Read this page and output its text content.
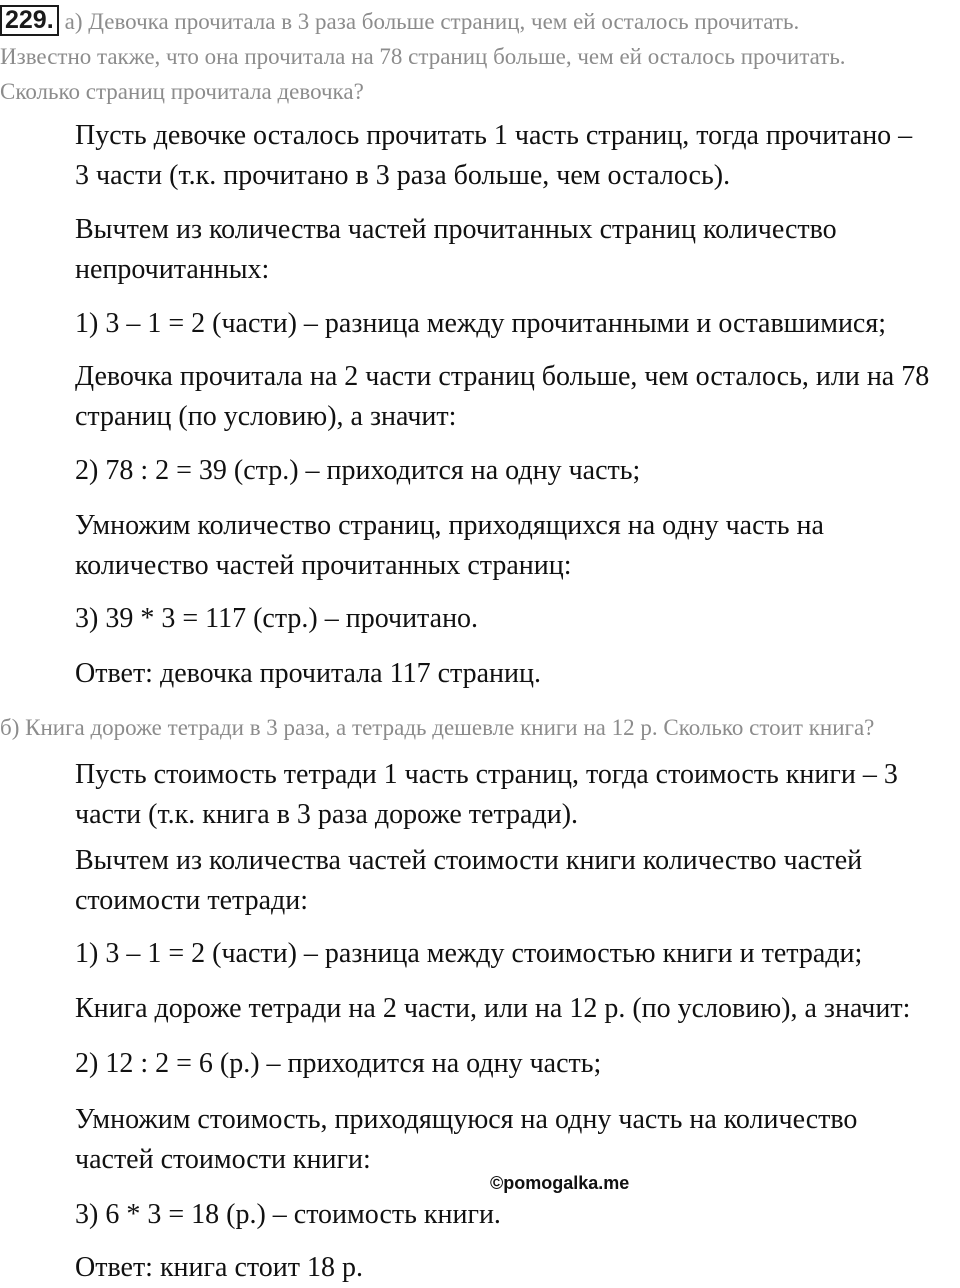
229. а) Девочка прочитала в 3 раза больше страниц, чем ей осталось прочитать.
Известно также, что она прочитала на 78 страниц больше, чем ей осталось прочитать.
Сколько страниц прочитала девочка?

Пусть девочке осталось прочитать 1 часть страниц, тогда прочитано –
3 части (т.к. прочитано в 3 раза больше, чем осталось).

Вычтем из количества частей прочитанных страниц количество
непрочитанных:

1) 3 – 1 = 2 (части) – разница между прочитанными и оставшимися;

Девочка прочитала на 2 части страниц больше, чем осталось, или на 78
страниц (по условию), а значит:

2) 78 : 2 = 39 (стр.) – приходится на одну часть;

Умножим количество страниц, приходящихся на одну часть на
количество частей прочитанных страниц:

3) 39 * 3 = 117 (стр.) – прочитано.

Ответ: девочка прочитала 117 страниц.

б) Книга дороже тетради в 3 раза, а тетрадь дешевле книги на 12 р. Сколько стоит книга?

Пусть стоимость тетради 1 часть страниц, тогда стоимость книги – 3
части (т.к. книга в 3 раза дороже тетради).

Вычтем из количества частей стоимости книги количество частей
стоимости тетради:

1) 3 – 1 = 2 (части) – разница между стоимостью книги и тетради;

Книга дороже тетради на 2 части, или на 12 р. (по условию), а значит:

2) 12 : 2 = 6 (р.) – приходится на одну часть;

Умножим стоимость, приходящуюся на одну часть на количество
частей стоимости книги:

3) 6 * 3 = 18 (р.) – стоимость книги.

Ответ: книга стоит 18 р.

©pomogalka.me
